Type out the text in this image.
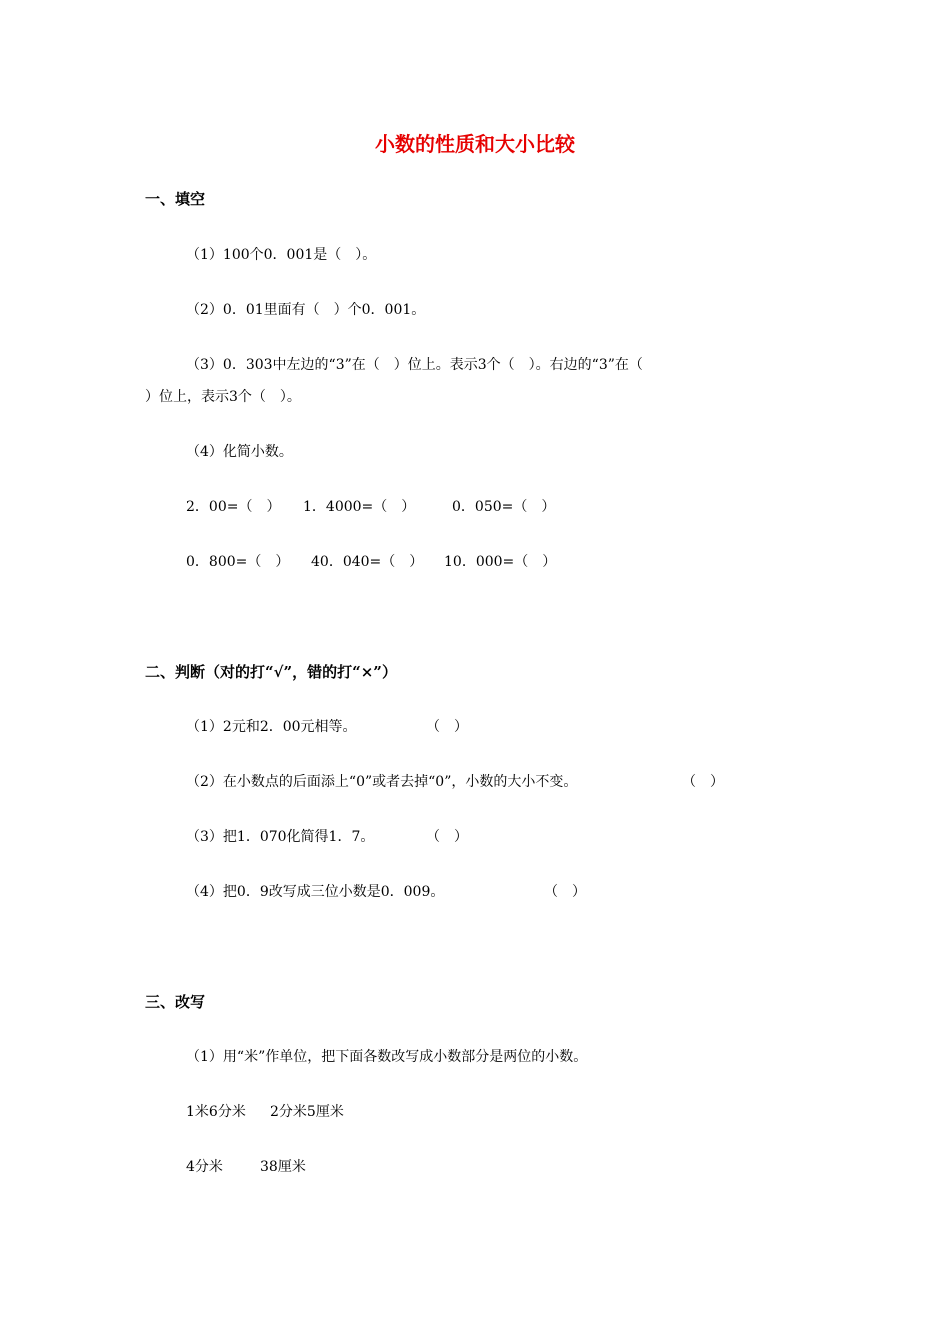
小数的性质和大小比较
一、填空
（1）100个0．001是（　）。
（2）0．01里面有（　）个0．001。
（3）0．303中左边的“3”在（　）位上。表示3个（　）。右边的“3”在（
）位上，表示3个（　）。
（4）化简小数。
2．00=（　） 1．4000=（　）	0．050=（　）
0．800=（　） 40．040=（　） 10．000=（　）
二、判断（对的打“√”，错的打“×”）
（1）2元和2．00元相等。	（　）
（2）在小数点的后面添上“0”或者去掉“0”，小数的大小不变。	（　）
（3）把1．070化简得1．7。	（　）
（4）把0．9改写成三位小数是0．009。	（　）
三、改写
（1）用“米”作单位，把下面各数改写成小数部分是两位的小数。
1米6分米 2分米5厘米
4分米	38厘米
